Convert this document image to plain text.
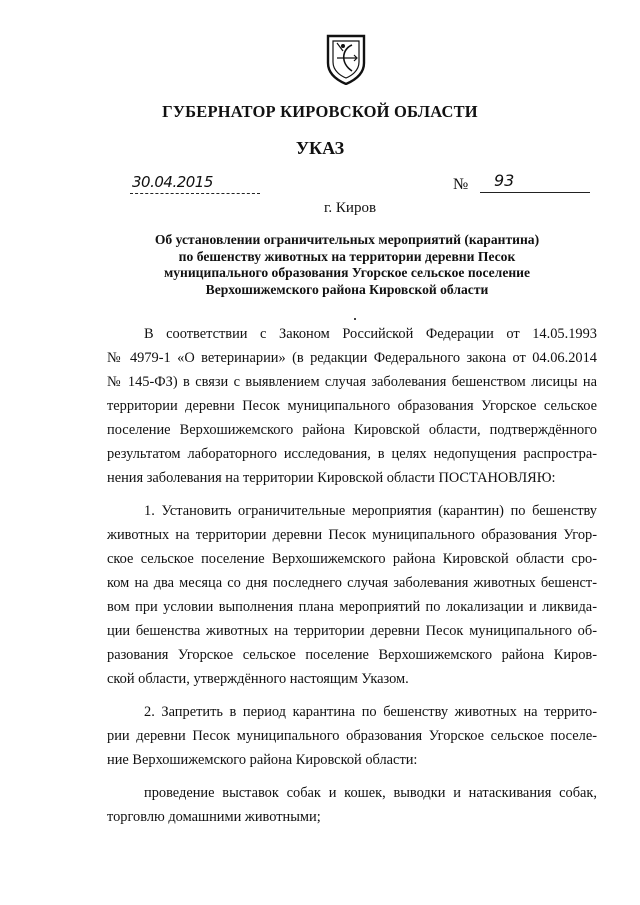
ГУБЕРНАТОР КИРОВСКОЙ ОБЛАСТИ
УКАЗ
30.04.2015	№ 93
г. Киров
Об установлении ограничительных мероприятий (карантина)
по бешенству животных на территории деревни Песок
муниципального образования Угорское сельское поселение
Верхошижемского района Кировской области
В соответствии с Законом Российской Федерации от 14.05.1993
№ 4979-1 «О ветеринарии» (в редакции Федерального закона от 04.06.2014
№ 145-ФЗ) в связи с выявлением случая заболевания бешенством лисицы на
территории деревни Песок муниципального образования Угорское сельское
поселение Верхошижемского района Кировской области, подтверждённого
результатом лабораторного исследования, в целях недопущения распростра-
нения заболевания на территории Кировской области ПОСТАНОВЛЯЮ:
1. Установить ограничительные мероприятия (карантин) по бешенству
животных на территории деревни Песок муниципального образования Угор-
ское сельское поселение Верхошижемского района Кировской области сро-
ком на два месяца со дня последнего случая заболевания животных бешенст-
вом при условии выполнения плана мероприятий по локализации и ликвида-
ции бешенства животных на территории деревни Песок муниципального об-
разования Угорское сельское поселение Верхошижемского района Киров-
ской области, утверждённого настоящим Указом.
2. Запретить в период карантина по бешенству животных на террито-
рии деревни Песок муниципального образования Угорское сельское поселе-
ние Верхошижемского района Кировской области:
проведение выставок собак и кошек, выводки и натаскивания собак,
торговлю домашними животными;
